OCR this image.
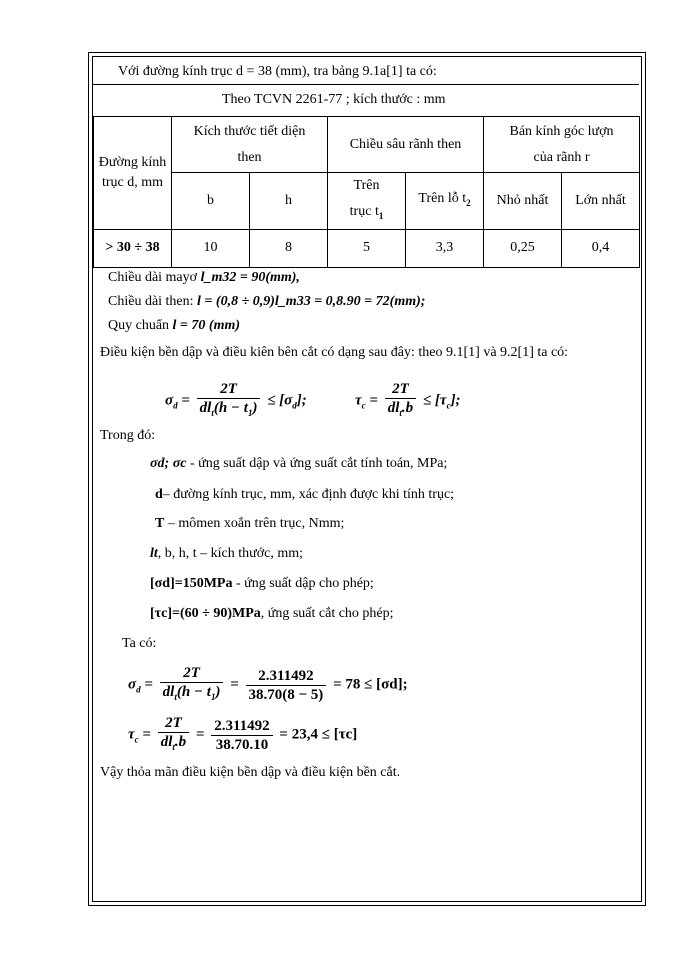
Với đường kính trục d = 38 (mm), tra bảng 9.1a[1] ta có:
Theo TCVN 2261-77 ; kích thước : mm
Đường kính trục d, mm	Kích thước tiết diện then		Chiều sâu rãnh then		Bán kính góc lượn của rãnh r	

	b	h	Trên trục $t_1$	Trên lỗ $t_2$	Nhỏ nhất	Lớn nhất
> 30 ÷ 38	10	8	5	3,3	0,25	0,4
Chiều dài mayơ l_m32 = 90(mm),
Chiều dài then: l = (0,8 ÷ 0,9)l_m33 = 0,8.90 = 72(mm);
Quy chuẩn l = 70 (mm)
Điều kiện bền dập và điều kiên bên cắt có dạng sau đây: theo 9.1[1] và 9.2[1] ta có:
$\sigma_d = \frac{2T}{dl_t(h - t_1)} \le [\sigma_d]$;	$\tau_c = \frac{2T}{dl_t.b} \le [\tau_c]$;
Trong đó:
σd; σc - ứng suất dập và ứng suất cắt tính toán, MPa;
d– đường kính trục, mm, xác định được khi tính trục;
T – mômen xoắn trên trục, Nmm;
lt, b, h, t – kích thước, mm;
[σd]=150MPa - ứng suất dập cho phép;
[τc]=(60 ÷ 90)MPa, ứng suất cắt cho phép;
Ta có:
$\sigma_d = \frac{2T}{dl_t(h - t_1)} = \frac{2.311492}{38.70(8 - 5)} = 78 \le [\sigma d]$;
$\tau_c = \frac{2T}{dl_t.b} = \frac{2.311492}{38.70.10} = 23,4 \le [\tau c]$
Vậy thỏa mãn điều kiện bền dập và điều kiện bền cắt.
